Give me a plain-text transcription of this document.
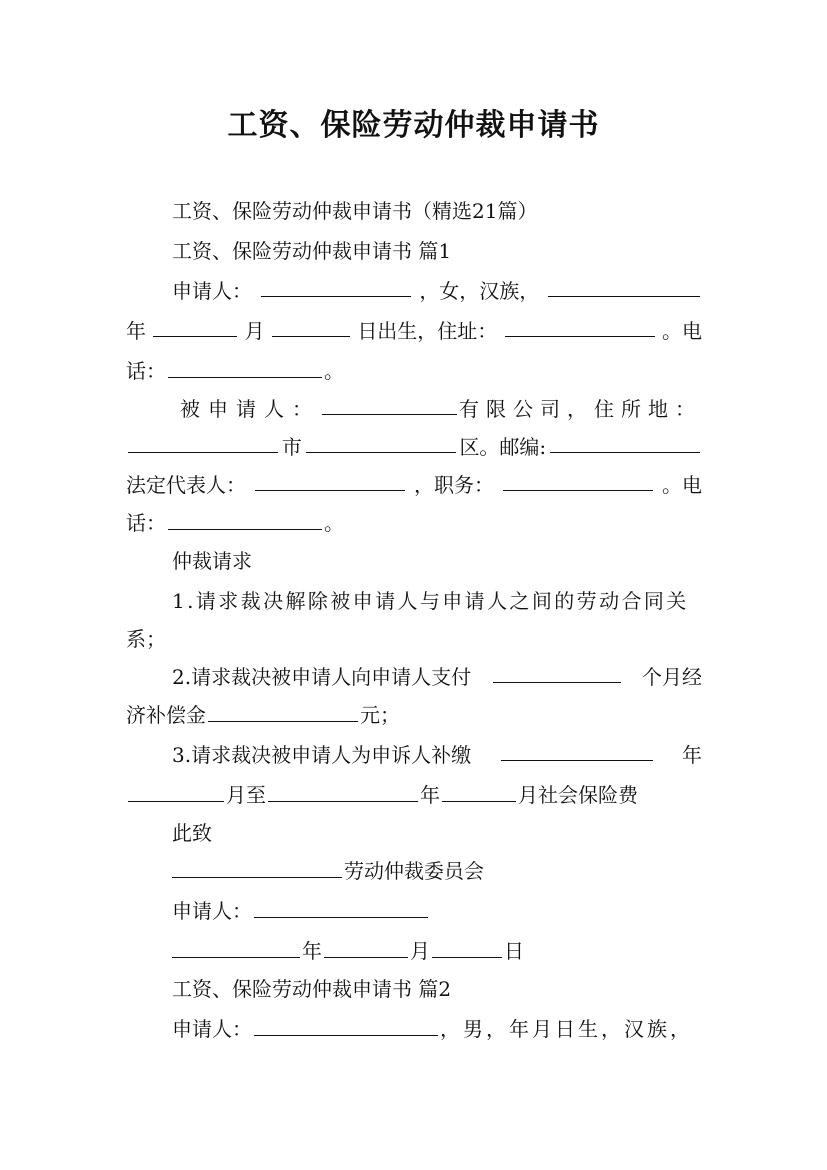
工资、保险劳动仲裁申请书
工资、保险劳动仲裁申请书（精选21篇）
工资、保险劳动仲裁申请书 篇1
申请人：	，女，汉族，
年	月	日出生，住址：	。电
话：	。
被申请人：	有限公司，住所地：
市	区。邮编:
法定代表人：	，职务：	。电
话：	。
仲裁请求
1.请求裁决解除被申请人与申请人之间的劳动合同关
系；
2.请求裁决被申请人向申请人支付	个月经
济补偿金	元；
3.请求裁决被申请人为申诉人补缴	年
月至	年	月社会保险费
此致
劳动仲裁委员会
申请人：
年	月	日
工资、保险劳动仲裁申请书 篇2
申请人：	，男，年月日生，汉族，
